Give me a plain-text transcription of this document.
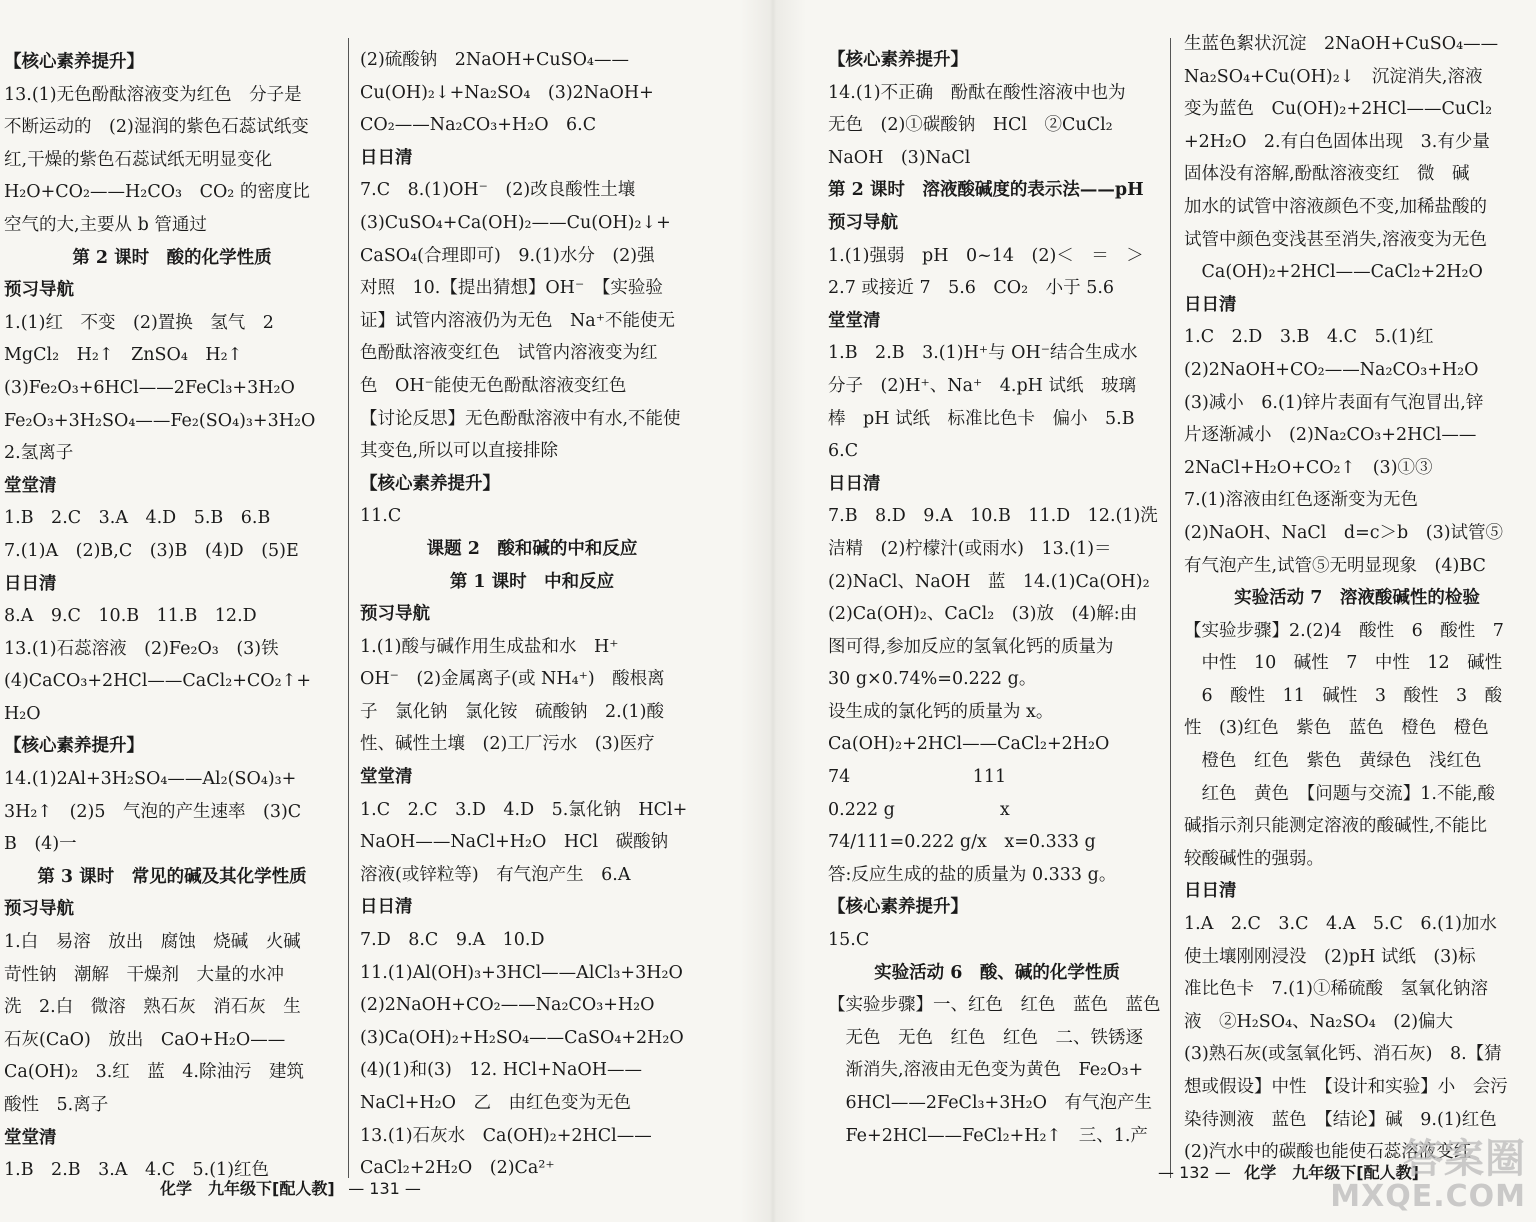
【核心素养提升】
13.(1)无色酚酞溶液变为红色　分子是
不断运动的　(2)湿润的紫色石蕊试纸变
红,干燥的紫色石蕊试纸无明显变化
H₂O+CO₂——H₂CO₃　CO₂ 的密度比
空气的大,主要从 b 管通过
第 2 课时　酸的化学性质
预习导航
1.(1)红　不变　(2)置换　氢气　2
MgCl₂　H₂↑　ZnSO₄　H₂↑
(3)Fe₂O₃+6HCl——2FeCl₃+3H₂O
Fe₂O₃+3H₂SO₄——Fe₂(SO₄)₃+3H₂O
2.氢离子
堂堂清
1.B　2.C　3.A　4.D　5.B　6.B
7.(1)A　(2)B,C　(3)B　(4)D　(5)E
日日清
8.A　9.C　10.B　11.B　12.D
13.(1)石蕊溶液　(2)Fe₂O₃　(3)铁
(4)CaCO₃+2HCl——CaCl₂+CO₂↑+
H₂O
【核心素养提升】
14.(1)2Al+3H₂SO₄——Al₂(SO₄)₃+
3H₂↑　(2)5　气泡的产生速率　(3)C
B　(4)一
第 3 课时　常见的碱及其化学性质
预习导航
1.白　易溶　放出　腐蚀　烧碱　火碱
苛性钠　潮解　干燥剂　大量的水冲
洗　2.白　微溶　熟石灰　消石灰　生
石灰(CaO)　放出　CaO+H₂O——
Ca(OH)₂　3.红　蓝　4.除油污　建筑
酸性　5.离子
堂堂清
1.B　2.B　3.A　4.C　5.(1)红色
(2)硫酸钠　2NaOH+CuSO₄——
Cu(OH)₂↓+Na₂SO₄　(3)2NaOH+
CO₂——Na₂CO₃+H₂O　6.C
日日清
7.C　8.(1)OH⁻　(2)改良酸性土壤
(3)CuSO₄+Ca(OH)₂——Cu(OH)₂↓+
CaSO₄(合理即可)　9.(1)水分　(2)强
对照　10.【提出猜想】OH⁻　【实验验
证】试管内溶液仍为无色　Na⁺不能使无
色酚酞溶液变红色　试管内溶液变为红
色　OH⁻能使无色酚酞溶液变红色
【讨论反思】无色酚酞溶液中有水,不能使
其变色,所以可以直接排除
【核心素养提升】
11.C
课题 2　酸和碱的中和反应
第 1 课时　中和反应
预习导航
1.(1)酸与碱作用生成盐和水　H⁺
OH⁻　(2)金属离子(或 NH₄⁺)　酸根离
子　氯化钠　氯化铵　硫酸钠　2.(1)酸
性、碱性土壤　(2)工厂污水　(3)医疗
堂堂清
1.C　2.C　3.D　4.D　5.氯化钠　HCl+
NaOH——NaCl+H₂O　HCl　碳酸钠
溶液(或锌粒等)　有气泡产生　6.A
日日清
7.D　8.C　9.A　10.D
11.(1)Al(OH)₃+3HCl——AlCl₃+3H₂O
(2)2NaOH+CO₂——Na₂CO₃+H₂O
(3)Ca(OH)₂+H₂SO₄——CaSO₄+2H₂O
(4)(1)和(3)　12. HCl+NaOH——
NaCl+H₂O　乙　由红色变为无色
13.(1)石灰水　Ca(OH)₂+2HCl——
CaCl₂+2H₂O　(2)Ca²⁺
【核心素养提升】
14.(1)不正确　酚酞在酸性溶液中也为
无色　(2)①碳酸钠　HCl　②CuCl₂
NaOH　(3)NaCl
第 2 课时　溶液酸碱度的表示法——pH
预习导航
1.(1)强弱　pH　0~14　(2)＜　＝　＞
2.7 或接近 7　5.6　CO₂　小于 5.6
堂堂清
1.B　2.B　3.(1)H⁺与 OH⁻结合生成水
分子　(2)H⁺、Na⁺　4.pH 试纸　玻璃
棒　pH 试纸　标准比色卡　偏小　5.B
6.C
日日清
7.B　8.D　9.A　10.B　11.D　12.(1)洗
洁精　(2)柠檬汁(或雨水)　13.(1)＝
(2)NaCl、NaOH　蓝　14.(1)Ca(OH)₂
(2)Ca(OH)₂、CaCl₂　(3)放　(4)解:由
图可得,参加反应的氢氧化钙的质量为
30 g×0.74%=0.222 g。
设生成的氯化钙的质量为 x。
Ca(OH)₂+2HCl——CaCl₂+2H₂O
74　　　　　　　111
0.222 g　　　　　　x
74/111=0.222 g/x　x=0.333 g
答:反应生成的盐的质量为 0.333 g。
【核心素养提升】
15.C
实验活动 6　酸、碱的化学性质
【实验步骤】一、红色　红色　蓝色　蓝色
　无色　无色　红色　红色　二、铁锈逐
　渐消失,溶液由无色变为黄色　Fe₂O₃+
　6HCl——2FeCl₃+3H₂O　有气泡产生
　Fe+2HCl——FeCl₂+H₂↑　三、1.产
生蓝色絮状沉淀　2NaOH+CuSO₄——
Na₂SO₄+Cu(OH)₂↓　沉淀消失,溶液
变为蓝色　Cu(OH)₂+2HCl——CuCl₂
+2H₂O　2.有白色固体出现　3.有少量
固体没有溶解,酚酞溶液变红　微　碱
加水的试管中溶液颜色不变,加稀盐酸的
试管中颜色变浅甚至消失,溶液变为无色
　Ca(OH)₂+2HCl——CaCl₂+2H₂O
日日清
1.C　2.D　3.B　4.C　5.(1)红
(2)2NaOH+CO₂——Na₂CO₃+H₂O
(3)减小　6.(1)锌片表面有气泡冒出,锌
片逐渐减小　(2)Na₂CO₃+2HCl——
2NaCl+H₂O+CO₂↑　(3)①③
7.(1)溶液由红色逐渐变为无色
(2)NaOH、NaCl　d=c＞b　(3)试管⑤
有气泡产生,试管⑤无明显现象　(4)BC
实验活动 7　溶液酸碱性的检验
【实验步骤】2.(2)4　酸性　6　酸性　7
　中性　10　碱性　7　中性　12　碱性
　6　酸性　11　碱性　3　酸性　3　酸
性　(3)红色　紫色　蓝色　橙色　橙色
　橙色　红色　紫色　黄绿色　浅红色
　红色　黄色　【问题与交流】1.不能,酸
碱指示剂只能测定溶液的酸碱性,不能比
较酸碱性的强弱。
日日清
1.A　2.C　3.C　4.A　5.C　6.(1)加水
使土壤刚刚浸没　(2)pH 试纸　(3)标
准比色卡　7.(1)①稀硫酸　氢氧化钠溶
液　②H₂SO₄、Na₂SO₄　(2)偏大
(3)熟石灰(或氢氧化钙、消石灰)　8.【猜
想或假设】中性　【设计和实验】小　会污
染待测液　蓝色　【结论】碱　9.(1)红色
(2)汽水中的碳酸也能使石蕊溶液变红
化学　九年级下[配人教] — 131 —
— 132 — 化学　九年级下[配人教]
答案圈
MXQE.COM
